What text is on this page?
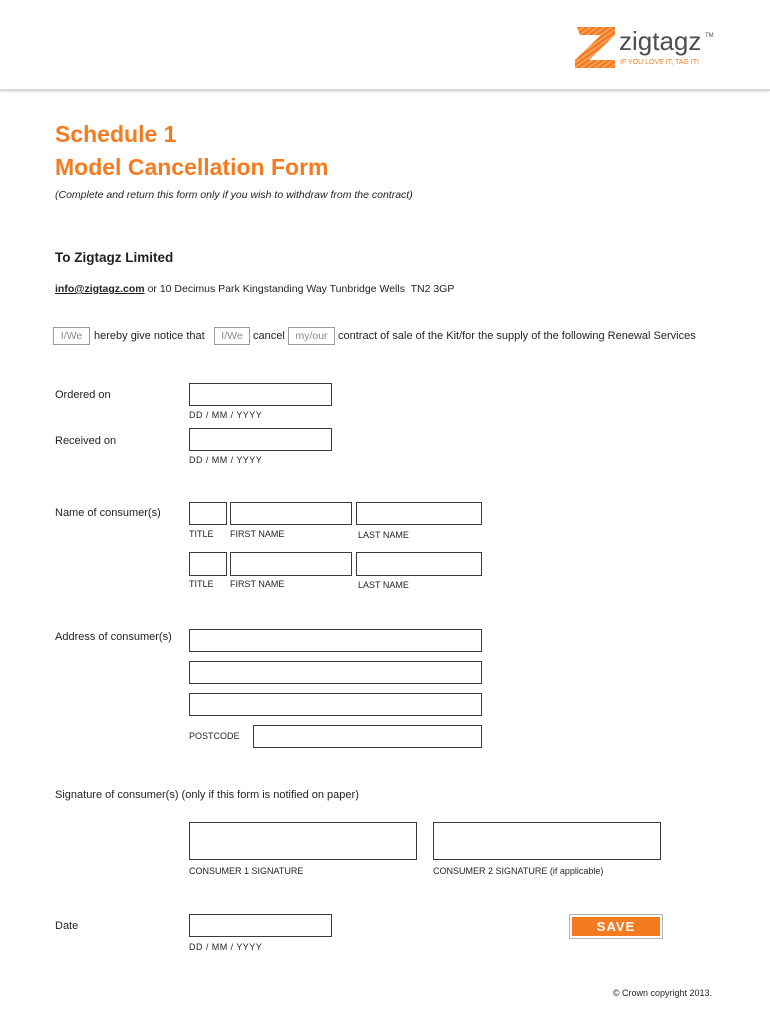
zigtagz TM
IF YOU LOVE IT, TAG IT!
Schedule 1
Model Cancellation Form
(Complete and return this form only if you wish to withdraw from the contract)
To Zigtagz Limited
info@zigtagz.com or 10 Decimus Park Kingstanding Way Tunbridge Wells  TN2 3GP
I/We
hereby give notice that
I/We	cancel
my/our	contract of sale of the Kit/for the supply of the following Renewal Services
Ordered on
DD / MM / YYYY
Received on
DD / MM / YYYY
Name of consumer(s)
TITLE FIRST NAME	LAST NAME
TITLE FIRST NAME	LAST NAME
Address of consumer(s)
POSTCODE
Signature of consumer(s) (only if this form is notified on paper)
CONSUMER 1 SIGNATURE	CONSUMER 2 SIGNATURE (if applicable)
Date
DD / MM / YYYY
SAVE
© Crown copyright 2013.
